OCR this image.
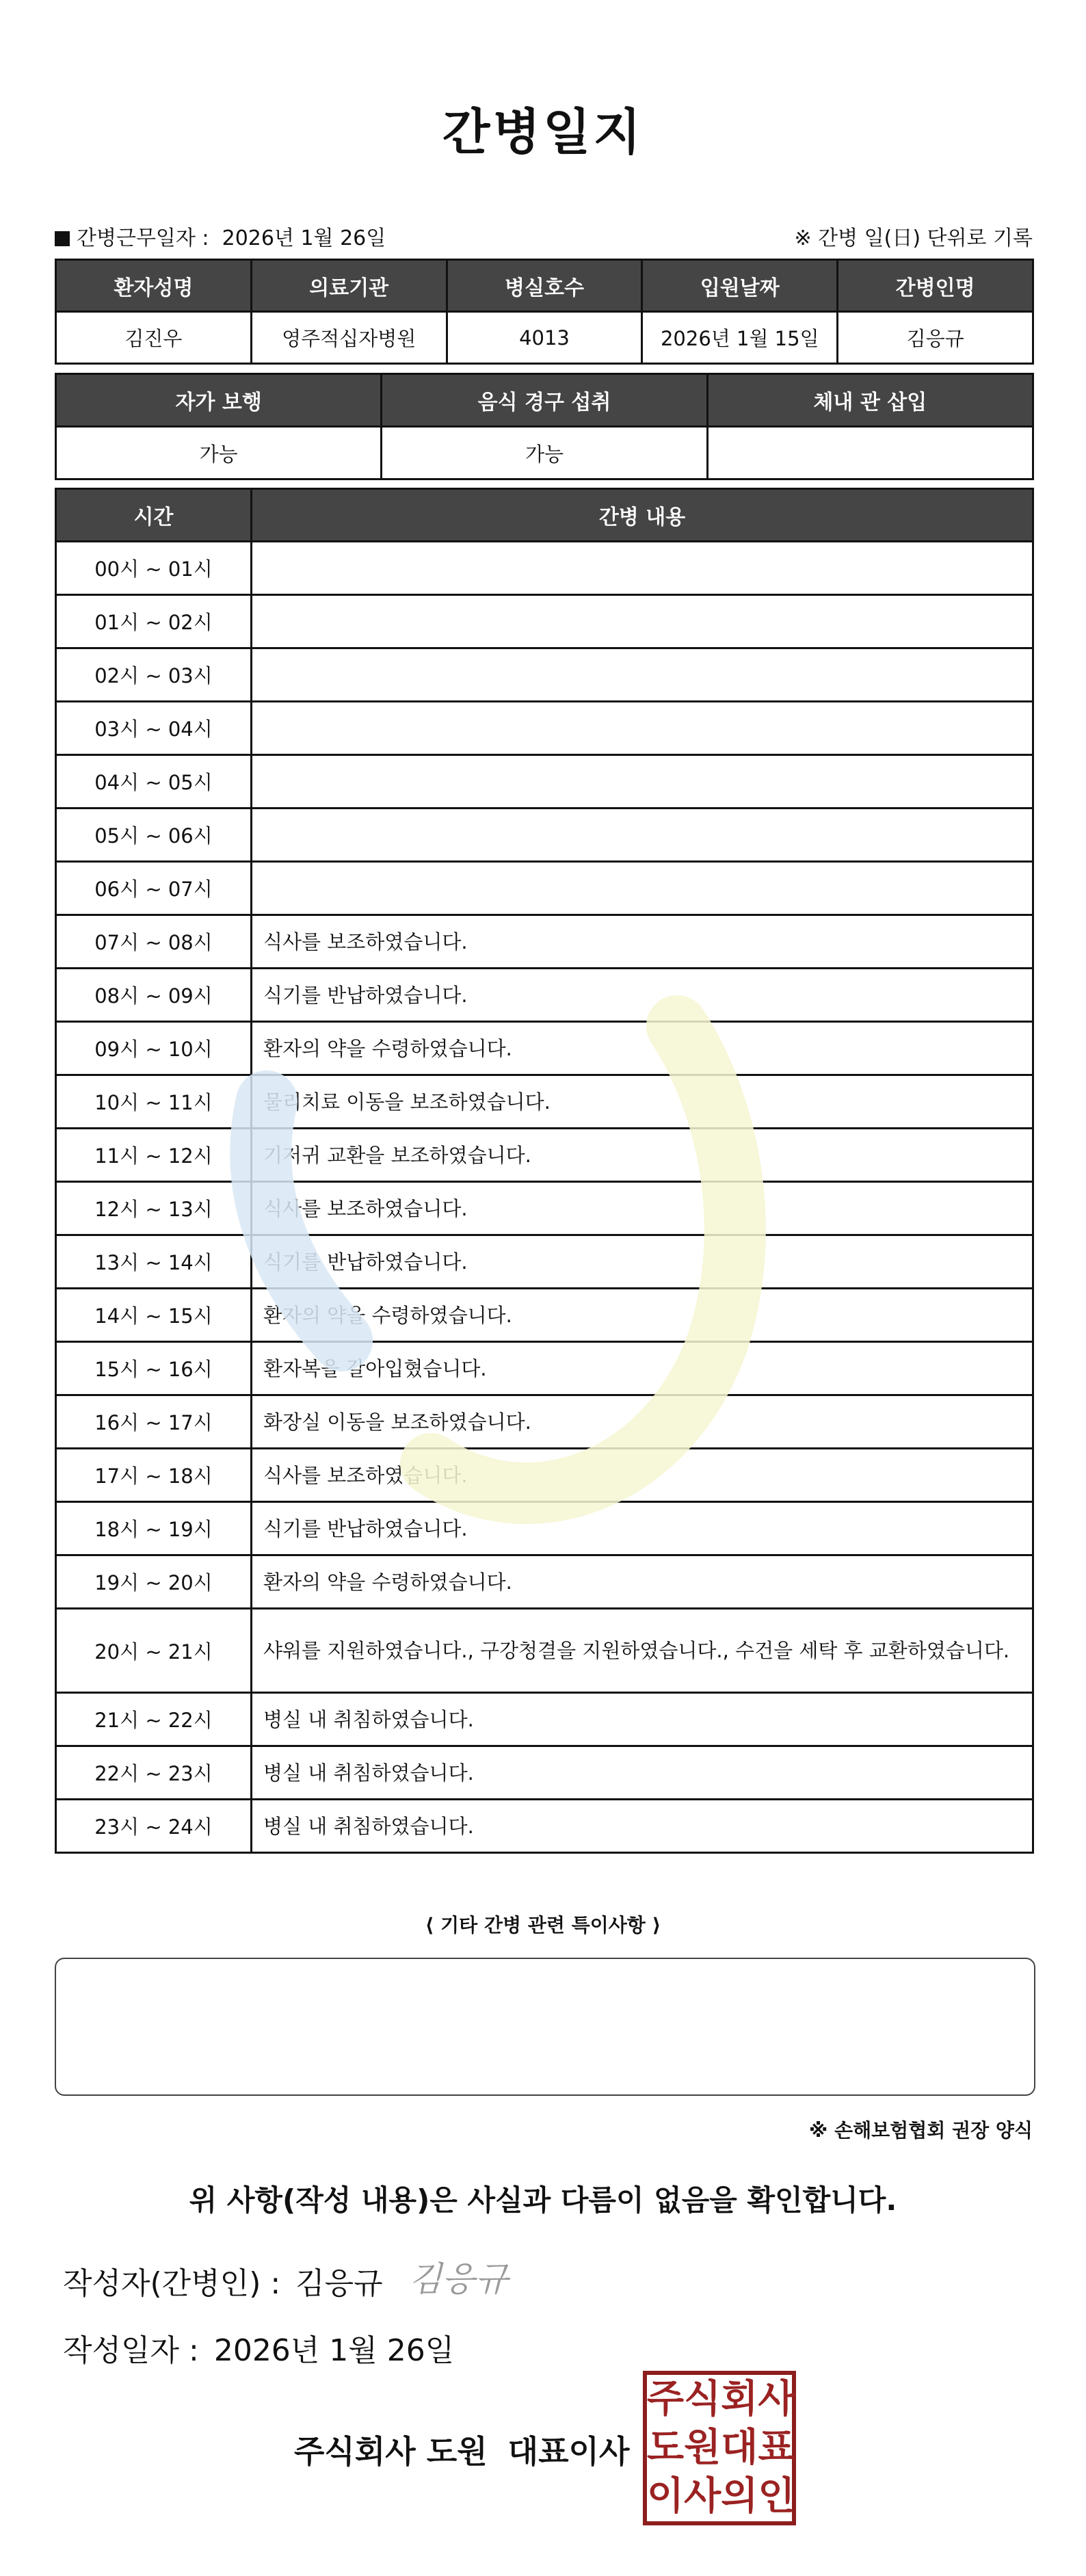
간병일지
간병근무일자 : 2026년 1월 26일	※ 간병 일(日) 단위로 기록
환자성명	의료기관	병실호수	입원날짜	간병인명
김진우	영주적십자병원	4013	2026년 1월 15일	김응규
자가 보행	음식 경구 섭취	체내 관 삽입
가능	가능	
시간	간병 내용
00시 ~ 01시	

01시 ~ 02시	

02시 ~ 03시	

03시 ~ 04시	

04시 ~ 05시	

05시 ~ 06시	

06시 ~ 07시	

07시 ~ 08시	식사를 보조하였습니다.

08시 ~ 09시	식기를 반납하였습니다.

09시 ~ 10시	환자의 약을 수령하였습니다.

10시 ~ 11시	물리치료 이동을 보조하였습니다.

11시 ~ 12시	기저귀 교환을 보조하였습니다.

12시 ~ 13시	식사를 보조하였습니다.

13시 ~ 14시	식기를 반납하였습니다.

14시 ~ 15시	환자의 약을 수령하였습니다.

15시 ~ 16시	환자복을 갈아입혔습니다.

16시 ~ 17시	화장실 이동을 보조하였습니다.

17시 ~ 18시	식사를 보조하였습니다.

18시 ~ 19시	식기를 반납하였습니다.

19시 ~ 20시	환자의 약을 수령하였습니다.

20시 ~ 21시	샤워를 지원하였습니다., 구강청결을 지원하였습니다., 수건을 세탁 후 교환하였습니다.

21시 ~ 22시	병실 내 취침하였습니다.

22시 ~ 23시	병실 내 취침하였습니다.

23시 ~ 24시	병실 내 취침하였습니다.
⟨ 기타 간병 관련 특이사항 ⟩
※ 손해보험협회 권장 양식
위 사항(작성 내용)은 사실과 다름이 없음을 확인합니다.
작성자(간병인) : 김응규 김응규
작성일자 : 2026년 1월 26일
주식회사 도원 대표이사
주 식 회 사
도 원 대 표
이 사 의 인
